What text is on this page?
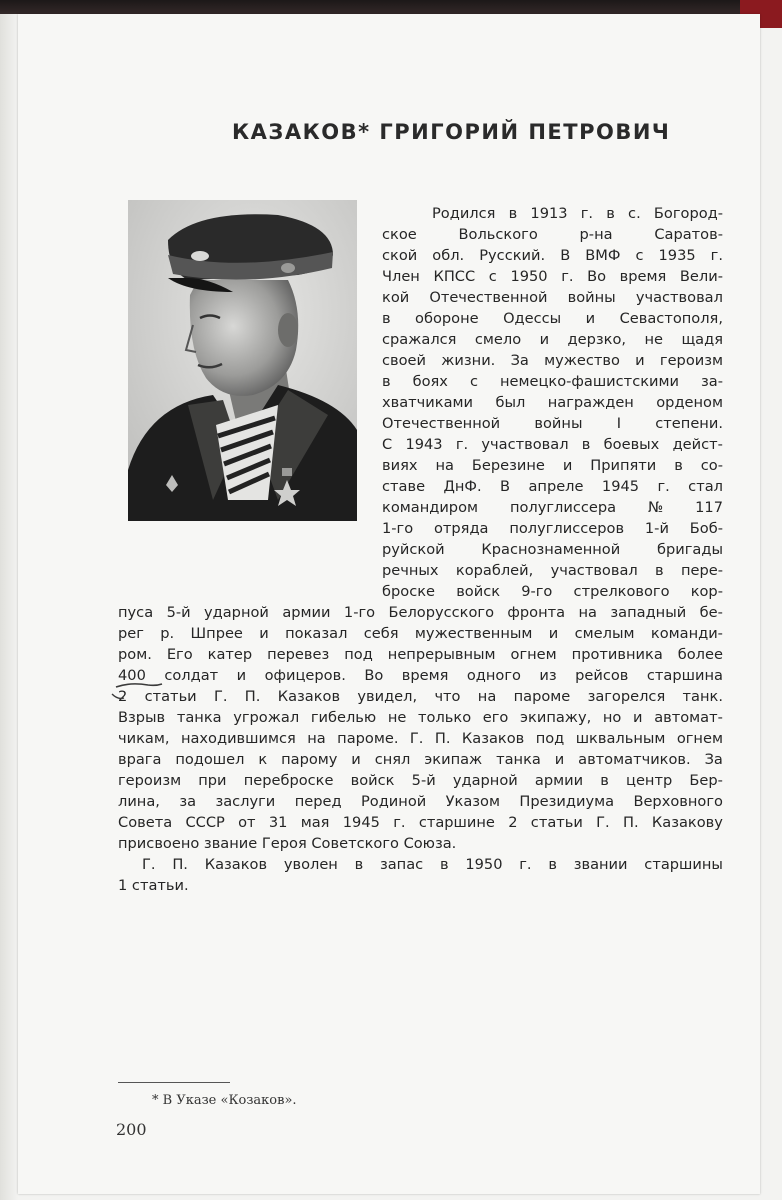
КАЗАКОВ* ГРИГОРИЙ ПЕТРОВИЧ
Родился в 1913 г. в с. Богород-
ское	Вольского	р-на	Саратов-
ской обл. Русский. В ВМФ с 1935 г.
Член КПСС с 1950 г. Во время Вели-
кой Отечественной войны участвовал
в обороне Одессы и Севастополя,
сражался смело и дерзко, не щадя
своей жизни. За мужество и героизм
в боях с немецко-фашистскими за-
хватчиками был награжден орденом
Отечественной войны I степени.
С 1943 г. участвовал в боевых дейст-
виях на Березине и Припяти в со-
ставе ДнФ. В апреле 1945 г. стал
командиром полуглиссера № 117
1-го отряда полуглиссеров 1-й Боб-
руйской	Краснознаменной	бригады
речных кораблей, участвовал в пере-
броске войск 9-го стрелкового кор-
пуса 5-й ударной армии 1-го Белорусского фронта на западный бе-
рег р. Шпрее и показал себя мужественным и смелым команди-
ром. Его катер перевез под непрерывным огнем противника более
400 солдат и офицеров. Во время одного из рейсов старшина
2 статьи Г. П. Казаков увидел, что на пароме загорелся танк.
Взрыв танка угрожал гибелью не только его экипажу, но и автомат-
чикам, находившимся на пароме. Г. П. Казаков под шквальным огнем
врага подошел к парому и снял экипаж танка и автоматчиков. За
героизм при переброске войск 5-й ударной армии в центр Бер-
лина, за заслуги перед Родиной Указом Президиума Верховного
Совета СССР от 31 мая 1945 г. старшине 2 статьи Г. П. Казакову
присвоено звание Героя Советского Союза.
Г. П. Казаков уволен в запас в 1950 г. в звании старшины
1 статьи.
* В Указе «Козаков».
200
